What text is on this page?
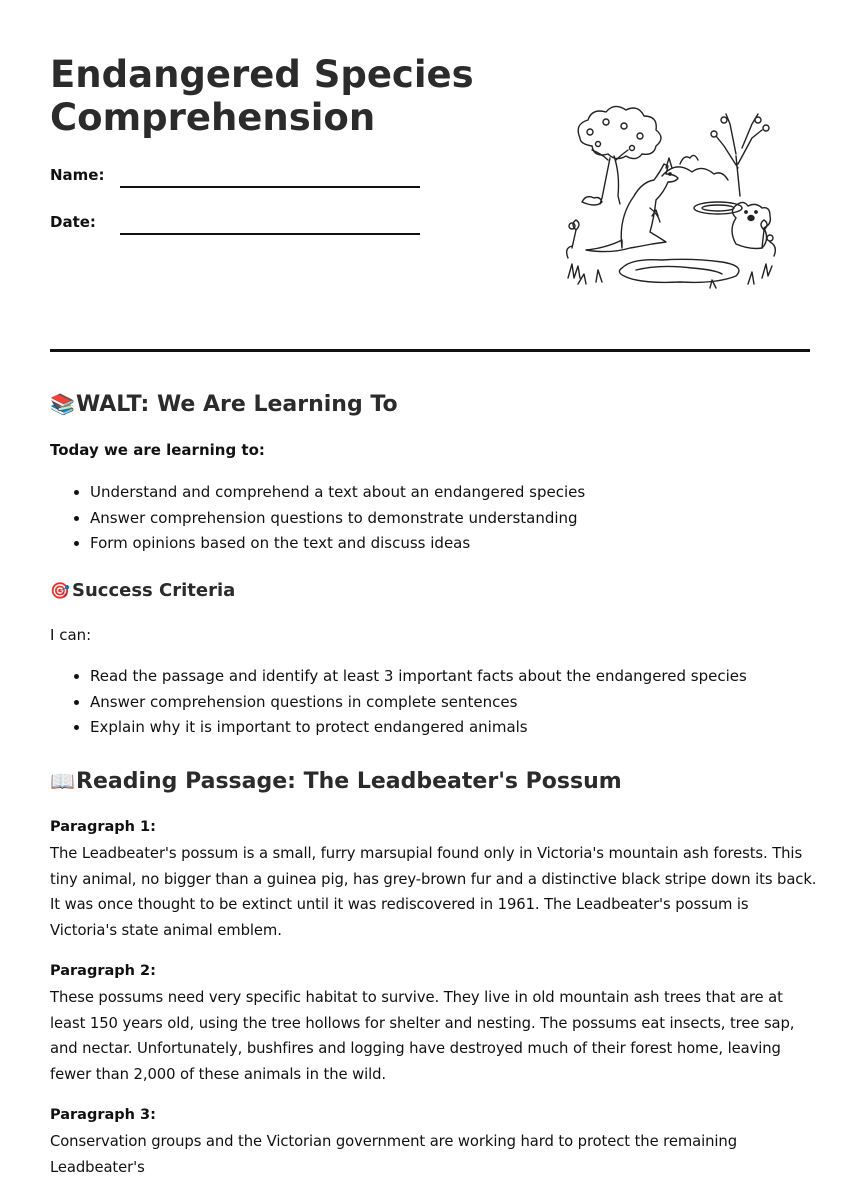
Endangered Species Comprehension
Name:
Date:
📚WALT: We Are Learning To

Today we are learning to:

• Understand and comprehend a text about an endangered species
• Answer comprehension questions to demonstrate understanding
• Form opinions based on the text and discuss ideas
🎯 Success Criteria

I can:

• Read the passage and identify at least 3 important facts about the endangered species
• Answer comprehension questions in complete sentences
• Explain why it is important to protect endangered animals
📖Reading Passage: The Leadbeater's Possum

Paragraph 1:

The Leadbeater's possum is a small, furry marsupial found only in Victoria's mountain ash forests. This tiny animal, no bigger than a guinea pig, has grey-brown fur and a distinctive black stripe down its back. It was once thought to be extinct until it was rediscovered in 1961. The Leadbeater's possum is Victoria's state animal emblem.

Paragraph 2:

These possums need very specific habitat to survive. They live in old mountain ash trees that are at least 150 years old, using the tree hollows for shelter and nesting. The possums eat insects, tree sap, and nectar. Unfortunately, bushfires and logging have destroyed much of their forest home, leaving fewer than 2,000 of these animals in the wild.

Paragraph 3:

Conservation groups and the Victorian government are working hard to protect the remaining Leadbeater's
